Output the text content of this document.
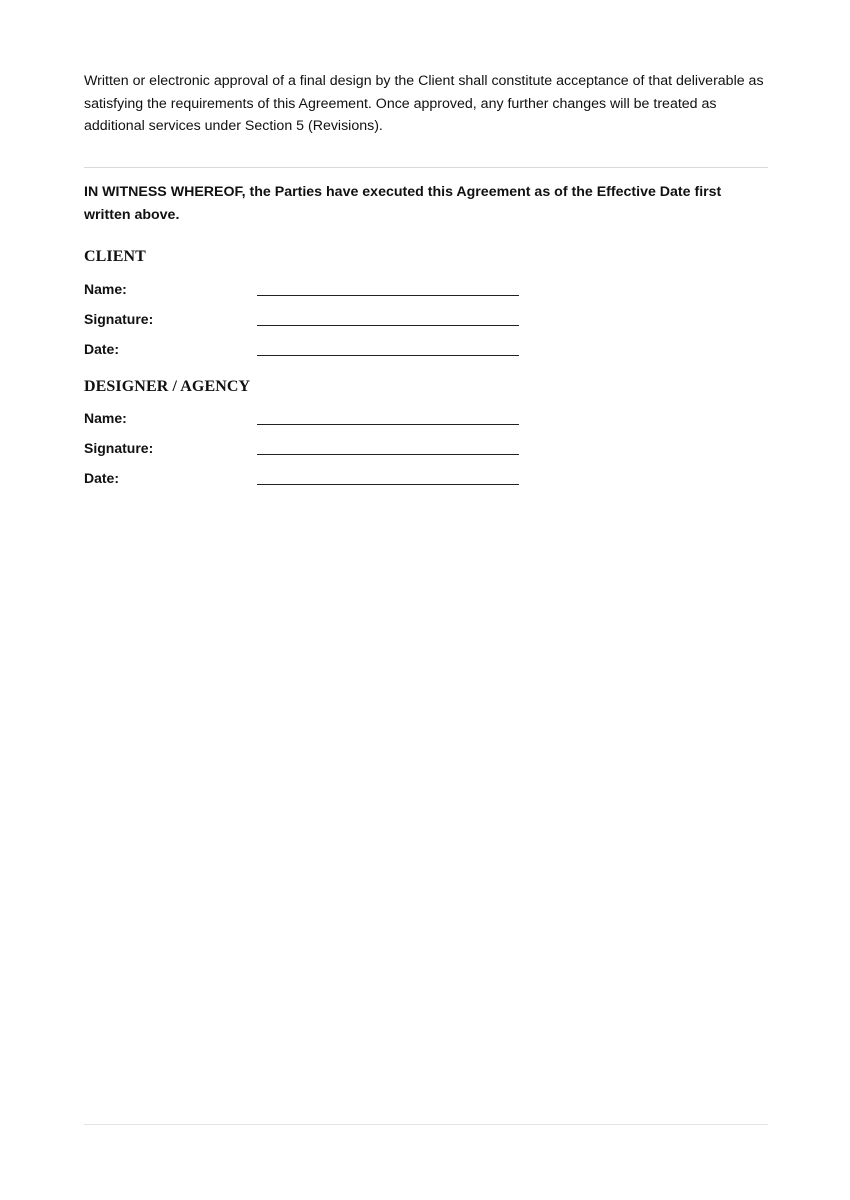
Written or electronic approval of a final design by the Client shall constitute acceptance of that deliverable as satisfying the requirements of this Agreement. Once approved, any further changes will be treated as additional services under Section 5 (Revisions).

IN WITNESS WHEREOF, the Parties have executed this Agreement as of the Effective Date first written above.

CLIENT
Name:
Signature:
Date:
DESIGNER / AGENCY
Name:
Signature:
Date:
